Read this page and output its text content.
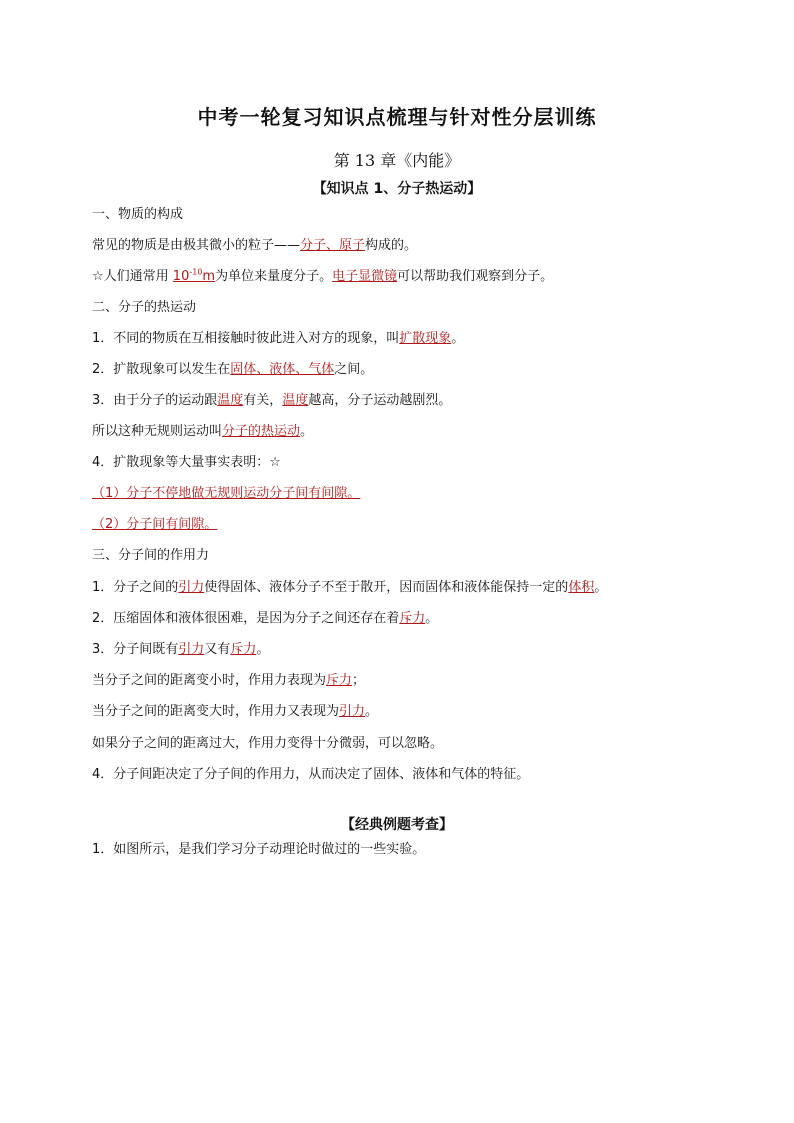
中考一轮复习知识点梳理与针对性分层训练
第 13 章《内能》
【知识点 1、分子热运动】
一、物质的构成
常见的物质是由极其微小的粒子——分子、原子构成的。
☆人们通常用 $10^{-10}m$为单位来量度分子。电子显微镜可以帮助我们观察到分子。
二、分子的热运动
1．不同的物质在互相接触时彼此进入对方的现象，叫扩散现象。
2．扩散现象可以发生在固体、液体、气体之间。
3．由于分子的运动跟温度有关，温度越高，分子运动越剧烈。
所以这种无规则运动叫分子的热运动。
4．扩散现象等大量事实表明：☆
（1）分子不停地做无规则运动分子间有间隙。
（2）分子间有间隙。
三、分子间的作用力
1．分子之间的引力使得固体、液体分子不至于散开，因而固体和液体能保持一定的体积。
2．压缩固体和液体很困难，是因为分子之间还存在着斥力。
3．分子间既有引力又有斥力。
当分子之间的距离变小时，作用力表现为斥力；
当分子之间的距离变大时，作用力又表现为引力。
如果分子之间的距离过大，作用力变得十分微弱，可以忽略。
4．分子间距决定了分子间的作用力，从而决定了固体、液体和气体的特征。
【经典例题考查】
1．如图所示，是我们学习分子动理论时做过的一些实验。
